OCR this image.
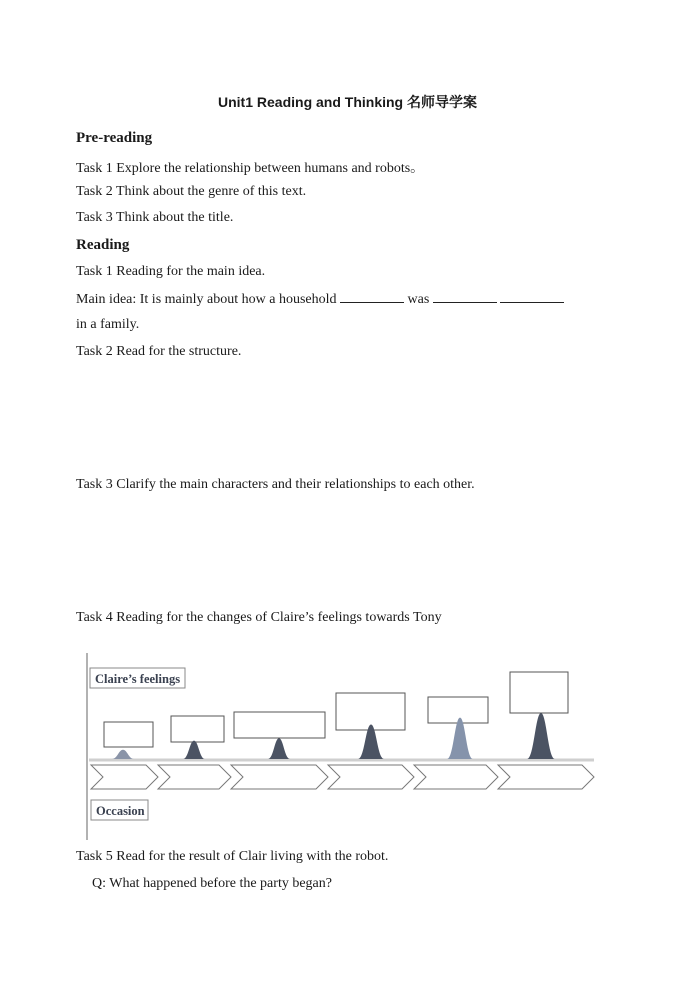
Unit1 Reading and Thinking 名师导学案
Pre-reading
Task 1 Explore the relationship between humans and robots。
Task 2 Think about the genre of this text.
Task 3 Think about the title.
Reading
Task 1 Reading for the main idea.
Main idea: It is mainly about how a household	was
in a family.
Task 2 Read for the structure.
Task 3 Clarify the main characters and their relationships to each other.
Task 4 Reading for the changes of Claire’s feelings towards Tony
Claire’s feelings
Occasion
Task 5 Read for the result of Clair living with the robot.
Q: What happened before the party began?
